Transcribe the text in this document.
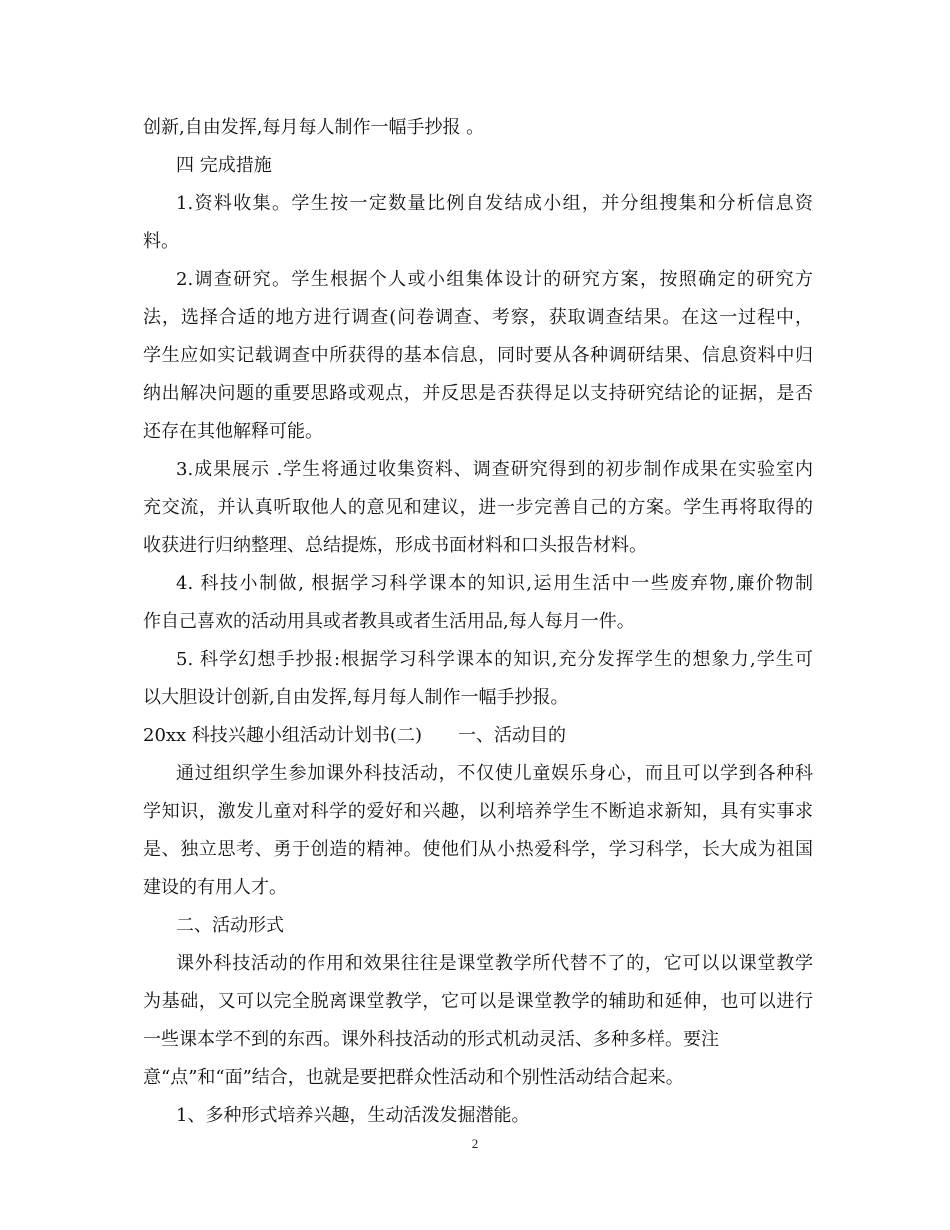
创新,自由发挥,每月每人制作一幅手抄报 。
四 完成措施
1.资料收集。学生按一定数量比例自发结成小组，并分组搜集和分析信息资
料。
2.调查研究。学生根据个人或小组集体设计的研究方案，按照确定的研究方
法，选择合适的地方进行调查(问卷调查、考察，获取调查结果。在这一过程中，
学生应如实记载调查中所获得的基本信息，同时要从各种调研结果、信息资料中归
纳出解决问题的重要思路或观点，并反思是否获得足以支持研究结论的证据，是否
还存在其他解释可能。
3.成果展示 .学生将通过收集资料、调查研究得到的初步制作成果在实验室内
充交流，并认真听取他人的意见和建议，进一步完善自己的方案。学生再将取得的
收获进行归纳整理、总结提炼，形成书面材料和口头报告材料。
4. 科技小制做, 根据学习科学课本的知识,运用生活中一些废弃物,廉价物制
作自己喜欢的活动用具或者教具或者生活用品,每人每月一件。
5. 科学幻想手抄报:根据学习科学课本的知识,充分发挥学生的想象力,学生可
以大胆设计创新,自由发挥,每月每人制作一幅手抄报。
20xx 科技兴趣小组活动计划书(二)　　一、活动目的
通过组织学生参加课外科技活动，不仅使儿童娱乐身心，而且可以学到各种科
学知识，激发儿童对科学的爱好和兴趣，以利培养学生不断追求新知，具有实事求
是、独立思考、勇于创造的精神。使他们从小热爱科学，学习科学，长大成为祖国
建设的有用人才。
二、活动形式
课外科技活动的作用和效果往往是课堂教学所代替不了的，它可以以课堂教学
为基础，又可以完全脱离课堂教学，它可以是课堂教学的辅助和延伸，也可以进行
一些课本学不到的东西。课外科技活动的形式机动灵活、多种多样。要注
意“点”和“面”结合，也就是要把群众性活动和个别性活动结合起来。
1、多种形式培养兴趣，生动活泼发掘潜能。
2
